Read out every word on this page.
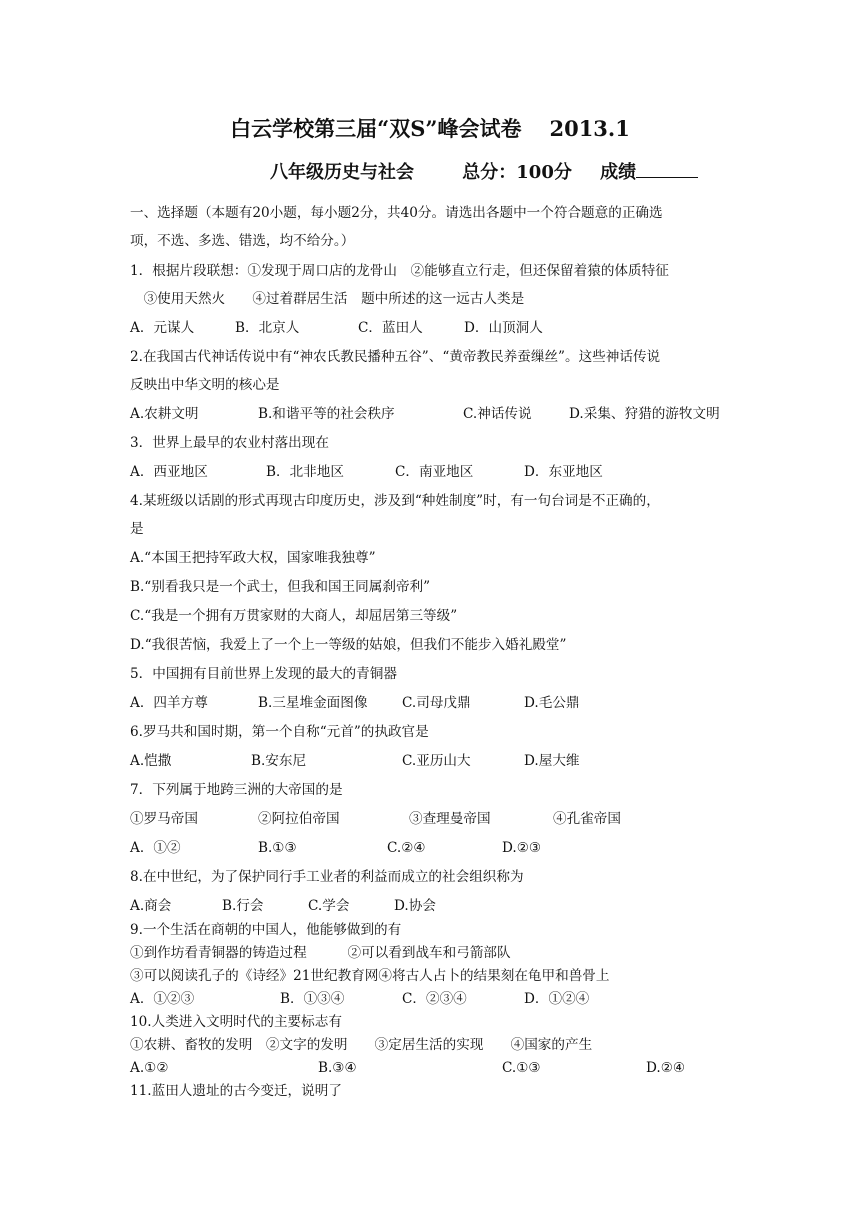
白云学校第三届“双S”峰会试卷 2013.1
八年级历史与社会	总分：100分 成绩
一、选择题（本题有20小题，每小题2分，共40分。请选出各题中一个符合题意的正确选
项，不选、多选、错选，均不给分。）
1．根据片段联想：①发现于周口店的龙骨山　②能够直立行走，但还保留着猿的体质特征
　③使用天然火　　④过着群居生活　题中所述的这一远古人类是
A．元谋人	B．北京人	C．蓝田人	D．山顶洞人
2.在我国古代神话传说中有“神农氏教民播种五谷”、“黄帝教民养蚕缫丝”。这些神话传说
反映出中华文明的核心是
A.农耕文明	B.和谐平等的社会秩序	C.神话传说	D.采集、狩猎的游牧文明
3．世界上最早的农业村落出现在
A．西亚地区	B．北非地区	C．南亚地区	D．东亚地区
4.某班级以话剧的形式再现古印度历史，涉及到“种姓制度”时，有一句台词是不正确的，
是
A.“本国王把持军政大权，国家唯我独尊”
B.“别看我只是一个武士，但我和国王同属刹帝利”
C.“我是一个拥有万贯家财的大商人，却屈居第三等级”
D.“我很苦恼，我爱上了一个上一等级的姑娘，但我们不能步入婚礼殿堂”
5．中国拥有目前世界上发现的最大的青铜器
A．四羊方尊	B.三星堆金面图像	C.司母戊鼎	D.毛公鼎
6.罗马共和国时期，第一个自称“元首”的执政官是
A.恺撒	B.安东尼	C.亚历山大	D.屋大维
7．下列属于地跨三洲的大帝国的是
①罗马帝国	②阿拉伯帝国	③查理曼帝国	④孔雀帝国
A．①②	B.①③	C.②④	D.②③
8.在中世纪，为了保护同行手工业者的利益而成立的社会组织称为
A.商会	B.行会	C.学会	D.协会
9.一个生活在商朝的中国人，他能够做到的有
①到作坊看青铜器的铸造过程　　　②可以看到战车和弓箭部队
③可以阅读孔子的《诗经》21世纪教育网④将古人占卜的结果刻在龟甲和兽骨上
A．①②③	B．①③④	C．②③④	D．①②④
10.人类进入文明时代的主要标志有
①农耕、畜牧的发明　②文字的发明　　③定居生活的实现　　④国家的产生
A.①②	B.③④	C.①③	D.②④
11.蓝田人遗址的古今变迁，说明了
